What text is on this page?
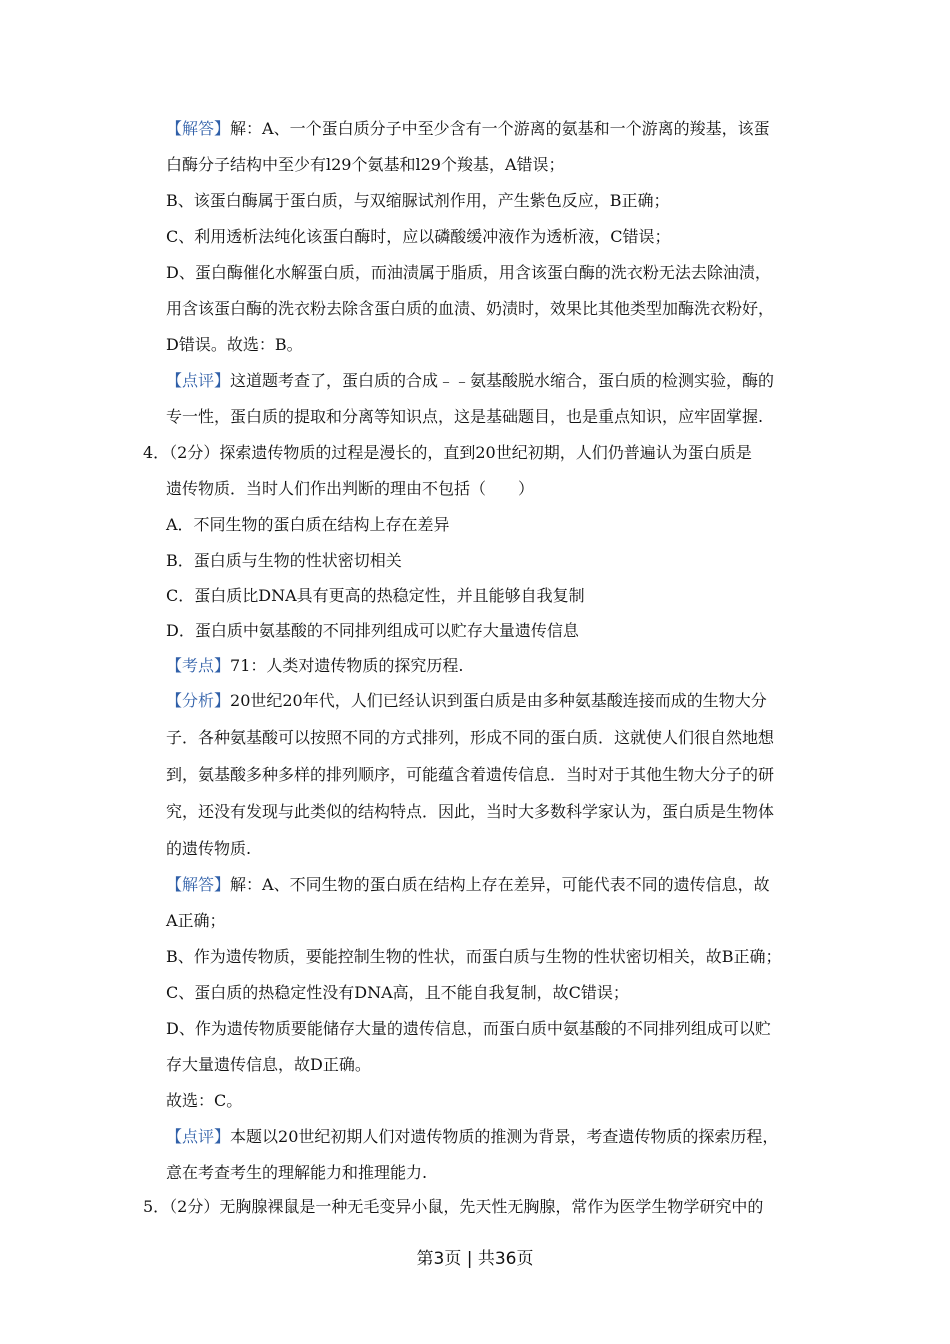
【解答】解：A、一个蛋白质分子中至少含有一个游离的氨基和一个游离的羧基，该蛋
白酶分子结构中至少有l29个氨基和l29个羧基，A错误；
B、该蛋白酶属于蛋白质，与双缩脲试剂作用，产生紫色反应，B正确；
C、利用透析法纯化该蛋白酶时，应以磷酸缓冲液作为透析液，C错误；
D、蛋白酶催化水解蛋白质，而油渍属于脂质，用含该蛋白酶的洗衣粉无法去除油渍，
用含该蛋白酶的洗衣粉去除含蛋白质的血渍、奶渍时，效果比其他类型加酶洗衣粉好，
D错误。故选：B。
【点评】这道题考查了，蛋白质的合成﹣﹣氨基酸脱水缩合，蛋白质的检测实验，酶的
专一性，蛋白质的提取和分离等知识点，这是基础题目，也是重点知识，应牢固掌握.
4．（2分）探索遗传物质的过程是漫长的，直到20世纪初期，人们仍普遍认为蛋白质是
遗传物质．当时人们作出判断的理由不包括（　　）
A．不同生物的蛋白质在结构上存在差异
B．蛋白质与生物的性状密切相关
C．蛋白质比DNA具有更高的热稳定性，并且能够自我复制
D．蛋白质中氨基酸的不同排列组成可以贮存大量遗传信息
【考点】71：人类对遗传物质的探究历程.
【分析】20世纪20年代，人们已经认识到蛋白质是由多种氨基酸连接而成的生物大分
子．各种氨基酸可以按照不同的方式排列，形成不同的蛋白质．这就使人们很自然地想
到，氨基酸多种多样的排列顺序，可能蕴含着遗传信息．当时对于其他生物大分子的研
究，还没有发现与此类似的结构特点．因此，当时大多数科学家认为，蛋白质是生物体
的遗传物质.
【解答】解：A、不同生物的蛋白质在结构上存在差异，可能代表不同的遗传信息，故
A正确；
B、作为遗传物质，要能控制生物的性状，而蛋白质与生物的性状密切相关，故B正确；
C、蛋白质的热稳定性没有DNA高，且不能自我复制，故C错误；
D、作为遗传物质要能储存大量的遗传信息，而蛋白质中氨基酸的不同排列组成可以贮
存大量遗传信息，故D正确。
故选：C。
【点评】本题以20世纪初期人们对遗传物质的推测为背景，考查遗传物质的探索历程，
意在考查考生的理解能力和推理能力.
5．（2分）无胸腺裸鼠是一种无毛变异小鼠，先天性无胸腺，常作为医学生物学研究中的
第3页 | 共36页
